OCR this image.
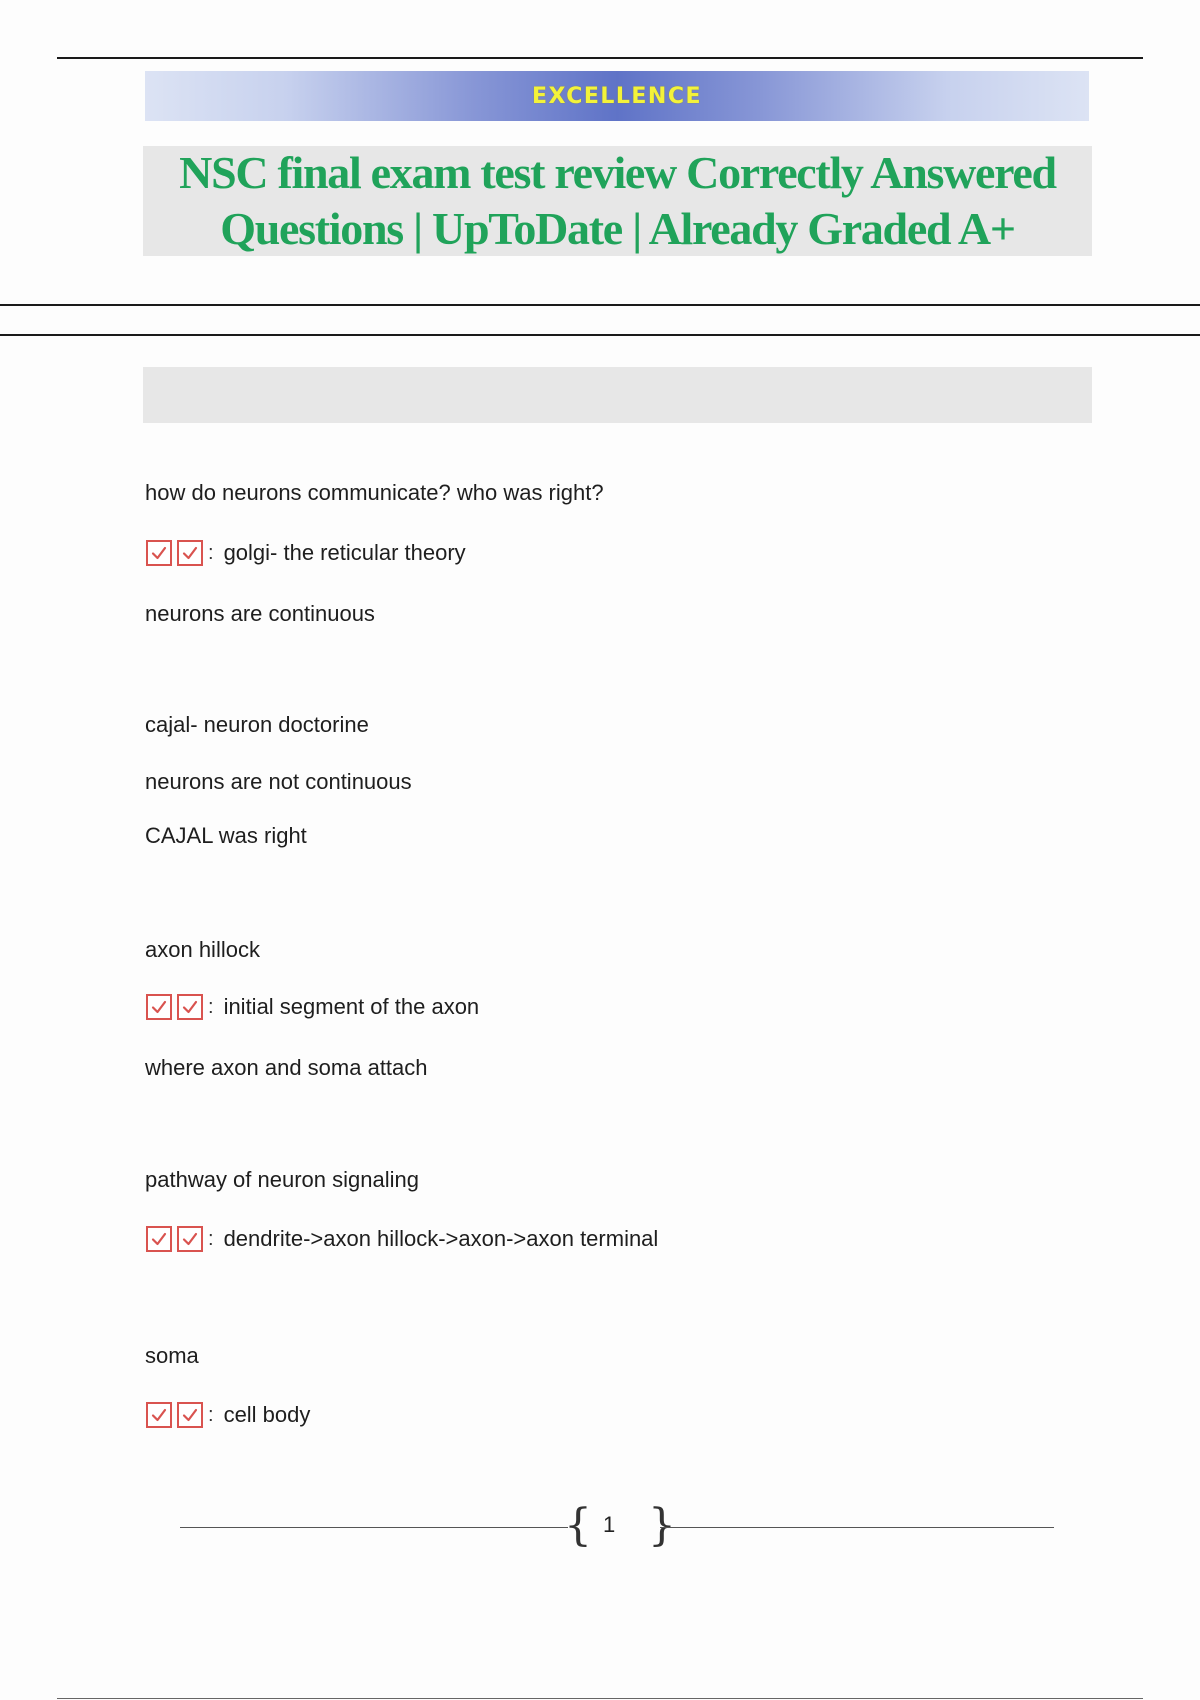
EXCELLENCE
NSC final exam test review Correctly Answered Questions | UpToDate | Already Graded A+
how do neurons communicate? who was right?
: golgi- the reticular theory
neurons are continuous
cajal- neuron doctorine
neurons are not continuous
CAJAL was right
axon hillock
: initial segment of the axon
where axon and soma attach
pathway of neuron signaling
: dendrite->axon hillock->axon->axon terminal
soma
: cell body
{ 1 }
